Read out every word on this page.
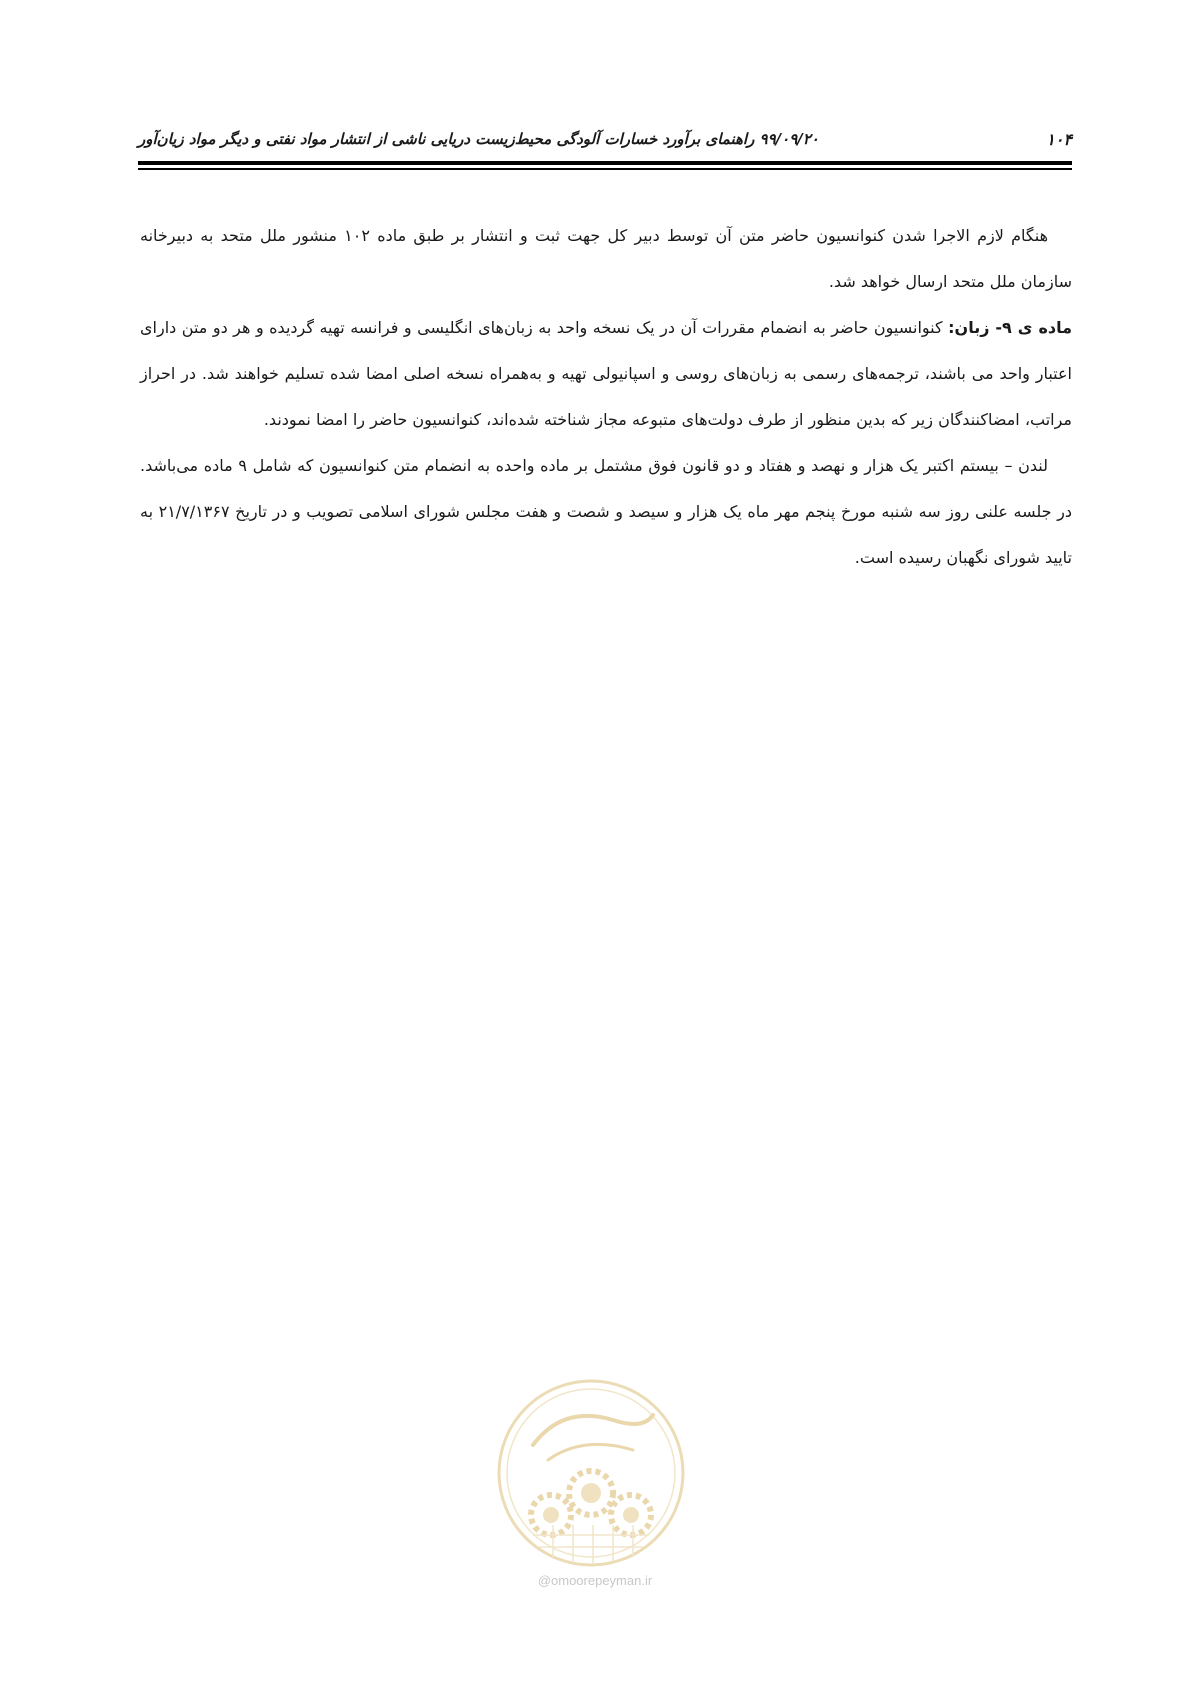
۱۰۴
۹۹/۰۹/۲۰ راهنمای برآورد خسارات آلودگی محیط‌زیست دریایی ناشی از انتشار مواد نفتی و دیگر مواد زیان‌آور

هنگام لازم الاجرا شدن کنوانسیون حاضر متن آن توسط دبیر کل جهت ثبت و انتشار بر طبق ماده ۱۰۲ منشور ملل متحد به دبیرخانه سازمان ملل متحد ارسال خواهد شد.

ماده ی ۹- زبان: کنوانسیون حاضر به انضمام مقررات آن در یک نسخه واحد به زبان‌های انگلیسی و فرانسه تهیه گردیده و هر دو متن دارای اعتبار واحد می باشند، ترجمه‌های رسمی به زبان‌های روسی و اسپانیولی تهیه و به‌همراه نسخه اصلی امضا شده تسلیم خواهند شد. در احراز مراتب، امضاکنندگان زیر که بدین منظور از طرف دولت‌های متبوعه مجاز شناخته شده‌اند، کنوانسیون حاضر را امضا نمودند.

لندن – بیستم اکتبر یک هزار و نهصد و هفتاد و دو قانون فوق مشتمل بر ماده واحده به انضمام متن کنوانسیون که شامل ۹ ماده می‌باشد. در جلسه علنی روز سه شنبه مورخ پنجم مهر ماه یک هزار و سیصد و شصت و هفت مجلس شورای اسلامی تصویب و در تاریخ ۲۱/۷/۱۳۶۷ به تایید شورای نگهبان رسیده است.

@omoorepeyman.ir
